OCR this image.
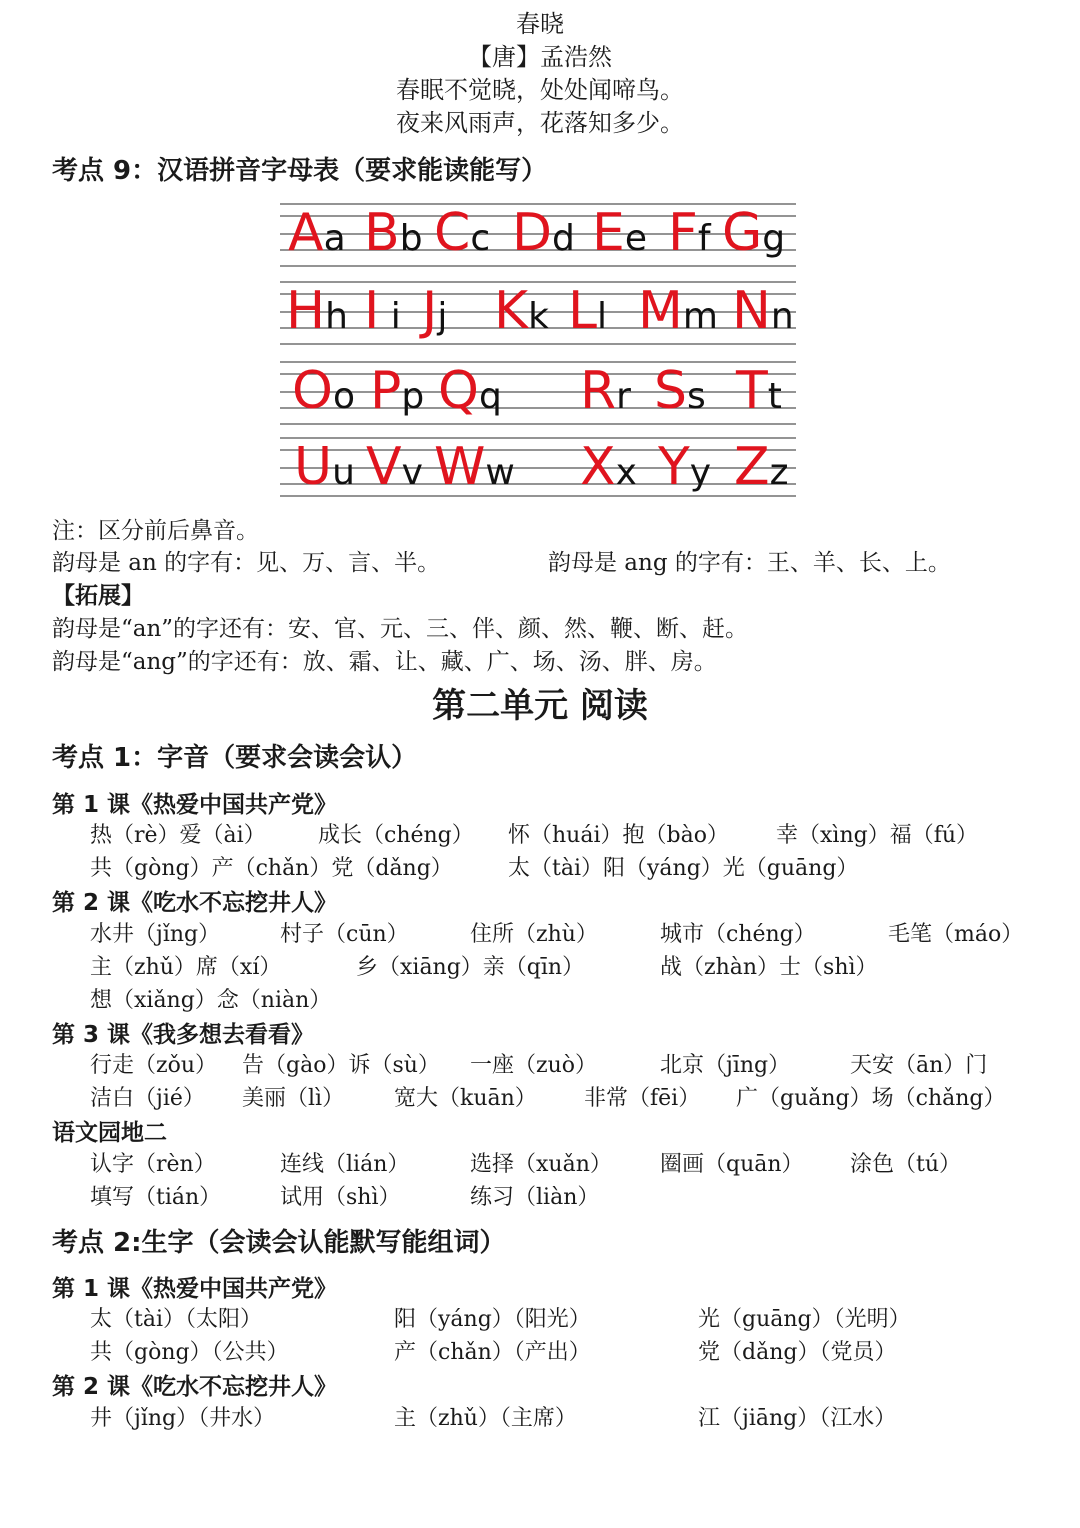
春晓
【唐】孟浩然
春眠不觉晓，处处闻啼鸟。
夜来风雨声，花落知多少。
考点 9：汉语拼音字母表（要求能读能写）
Aa Bb Cc Dd Ee Ff Gg
Hh I i Jj Kk Ll Mm Nn
Oo Pp Qq Rr Ss Tt
Uu Vv Ww Xx Yy Zz
注：区分前后鼻音。
韵母是 an 的字有：见、万、言、半。	韵母是 ang 的字有：王、羊、长、上。
【拓展】
韵母是“an”的字还有：安、官、元、三、伴、颜、然、鞭、断、赶。
韵母是“ang”的字还有：放、霜、让、藏、广、场、汤、胖、房。
第二单元 阅读
考点 1：字音（要求会读会认）
第 1 课《热爱中国共产党》
热（rè）爱（ài） 成长（chéng） 怀（huái）抱（bào） 幸（xìng）福（fú）
共（gòng）产（chǎn）党（dǎng）	太（tài）阳（yáng）光（guāng）
第 2 课《吃水不忘挖井人》
水井（jǐng）	村子（cūn）	住所（zhù）	城市（chéng）	毛笔（máo）
主（zhǔ）席（xí）	乡（xiāng）亲（qīn）	战（zhàn）士（shì）
想（xiǎng）念（niàn）
第 3 课《我多想去看看》
行走（zǒu） 告（gào）诉（sù） 一座（zuò）	北京（jīng）	天安（ān）门
洁白（jié） 美丽（lì） 宽大（kuān） 非常（fēi） 广（guǎng）场（chǎng）
语文园地二
认字（rèn）	连线（lián）	选择（xuǎn） 圈画（quān） 涂色（tú）
填写（tián）	试用（shì）	练习（liàn）
考点 2:生字（会读会认能默写能组词）
第 1 课《热爱中国共产党》
太（tài）（太阳）	阳（yáng）（阳光）	光（guāng）（光明）
共（gòng）（公共）	产（chǎn）（产出）	党（dǎng）（党员）
第 2 课《吃水不忘挖井人》
井（jǐng）（井水）	主（zhǔ）（主席）	江（jiāng）（江水）
